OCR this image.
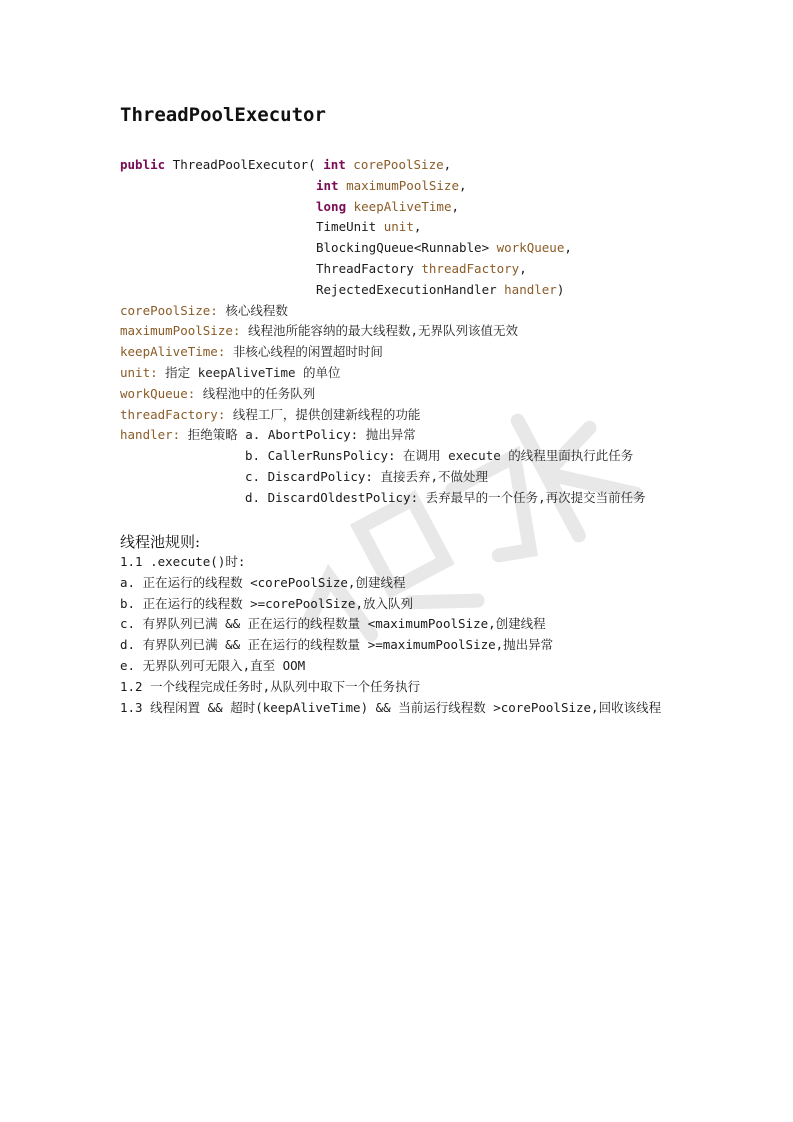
ThreadPoolExecutor
public ThreadPoolExecutor( int corePoolSize,
int maximumPoolSize,
long keepAliveTime,
TimeUnit unit,
BlockingQueue<Runnable> workQueue,
ThreadFactory threadFactory,
RejectedExecutionHandler handler)
corePoolSize: 核心线程数
maximumPoolSize: 线程池所能容纳的最大线程数,无界队列该值无效
keepAliveTime: 非核心线程的闲置超时时间
unit: 指定 keepAliveTime 的单位
workQueue: 线程池中的任务队列
threadFactory: 线程工厂，提供创建新线程的功能
handler: 拒绝策略 a. AbortPolicy: 抛出异常
b. CallerRunsPolicy: 在调用 execute 的线程里面执行此任务
c. DiscardPolicy: 直接丢弃,不做处理
d. DiscardOldestPolicy: 丢弃最早的一个任务,再次提交当前任务
线程池规则:
1.1 .execute()时:
a. 正在运行的线程数 <corePoolSize,创建线程
b. 正在运行的线程数 >=corePoolSize,放入队列
c. 有界队列已满 && 正在运行的线程数量 <maximumPoolSize,创建线程
d. 有界队列已满 && 正在运行的线程数量 >=maximumPoolSize,抛出异常
e. 无界队列可无限入,直至 OOM
1.2 一个线程完成任务时,从队列中取下一个任务执行
1.3 线程闲置 && 超时(keepAliveTime) && 当前运行线程数 >corePoolSize,回收该线程
